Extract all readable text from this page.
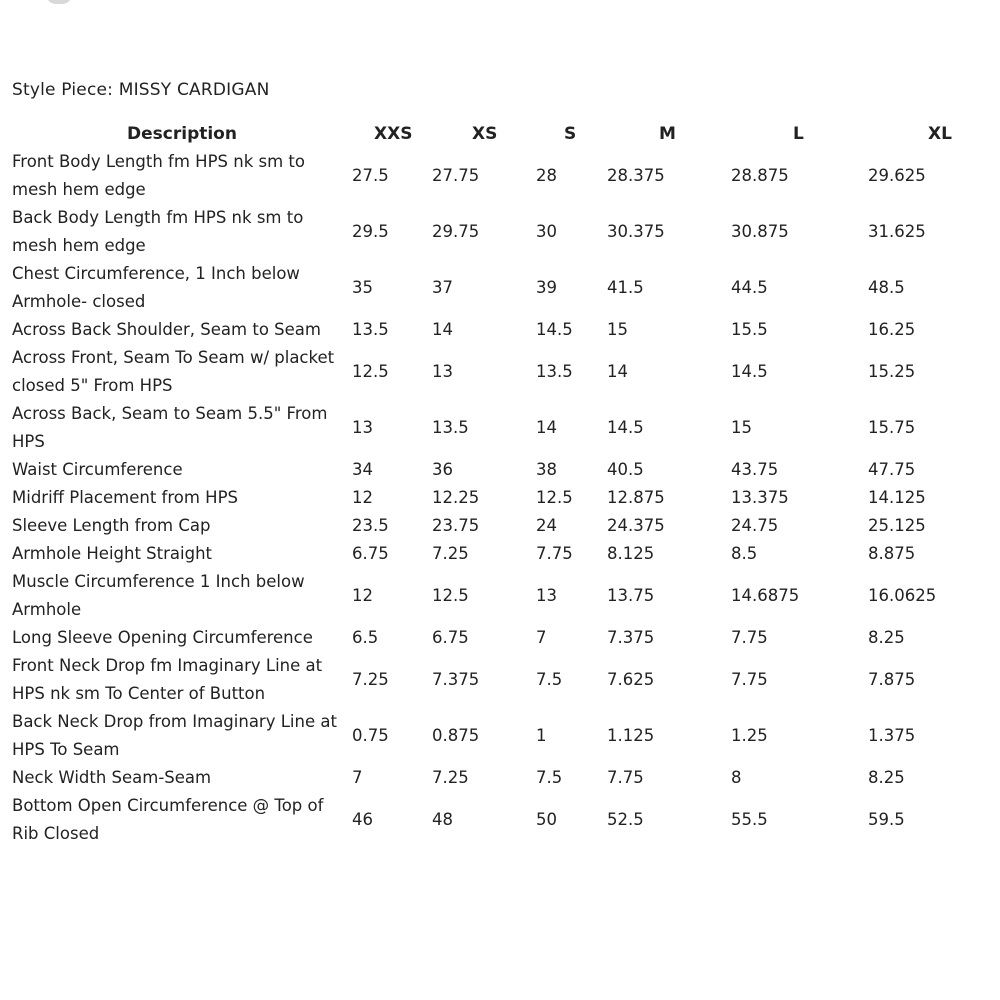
Style Piece: MISSY CARDIGAN
Description	XXS	XS	S	M	L	XL
Front Body Length fm HPS nk sm to mesh hem edge	27.5	27.75	28	28.375	28.875	29.625
Back Body Length fm HPS nk sm to mesh hem edge	29.5	29.75	30	30.375	30.875	31.625
Chest Circumference, 1 Inch below Armhole- closed	35	37	39	41.5	44.5	48.5
Across Back Shoulder, Seam to Seam	13.5	14	14.5	15	15.5	16.25
Across Front, Seam To Seam w/ placket closed 5" From HPS	12.5	13	13.5	14	14.5	15.25
Across Back, Seam to Seam 5.5" From HPS	13	13.5	14	14.5	15	15.75
Waist Circumference	34	36	38	40.5	43.75	47.75
Midriff Placement from HPS	12	12.25	12.5	12.875	13.375	14.125
Sleeve Length from Cap	23.5	23.75	24	24.375	24.75	25.125
Armhole Height Straight	6.75	7.25	7.75	8.125	8.5	8.875
Muscle Circumference 1 Inch below Armhole	12	12.5	13	13.75	14.6875	16.0625
Long Sleeve Opening Circumference	6.5	6.75	7	7.375	7.75	8.25
Front Neck Drop fm Imaginary Line at HPS nk sm To Center of Button	7.25	7.375	7.5	7.625	7.75	7.875
Back Neck Drop from Imaginary Line at HPS To Seam	0.75	0.875	1	1.125	1.25	1.375
Neck Width Seam-Seam	7	7.25	7.5	7.75	8	8.25
Bottom Open Circumference @ Top of Rib Closed	46	48	50	52.5	55.5	59.5
